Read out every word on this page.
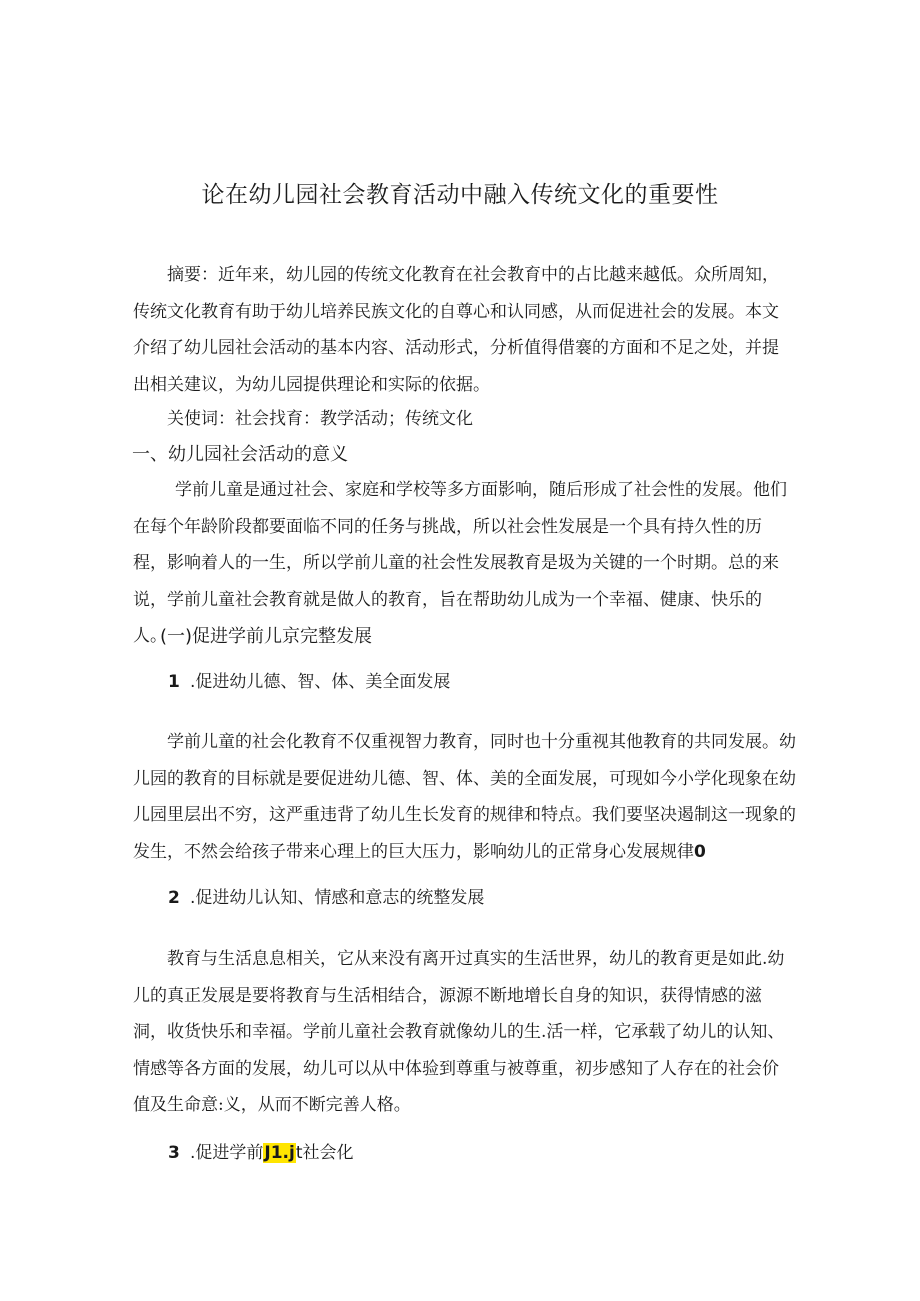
论在幼儿园社会教育活动中融入传统文化的重要性
摘要：近年来，幼儿园的传统文化教育在社会教育中的占比越来越低。众所周知，传统文化教育有助于幼儿培养民族文化的自尊心和认同感，从而促进社会的发展。本文介绍了幼儿园社会活动的基本内容、活动形式，分析值得借褰的方面和不足之处，并提出相关建议，为幼儿园提供理论和实际的依据。
关使词：社会找育：教学活动；传统文化
一、幼儿园社会活动的意义
学前儿童是通过社会、家庭和学校等多方面影响，随后形成了社会性的发展。他们在每个年龄阶段都要面临不同的任务与挑战，所以社会性发展是一个具有持久性的历程，影响着人的一生，所以学前儿童的社会性发展教育是圾为关键的一个时期。总的来说，学前儿童社会教育就是做人的教育，旨在帮助幼儿成为一个幸福、健康、快乐的人。
(一)促进学前儿京完整发展
1 .促进幼儿德、智、体、美全面发展
学前儿童的社会化教育不仅重视智力教育，同时也十分重视其他教育的共同发展。幼
儿园的教育的目标就是要促进幼儿德、智、体、美的全面发展，可现如今小学化现象在幼
儿园里层出不穷，这严重违背了幼儿生长发育的规律和特点。我们要坚决遏制这一现象的
发生，不然会给孩子带来心理上的巨大压力，影响幼儿的正常身心发展规律0
2 .促进幼儿认知、情感和意志的统整发展
教育与生活息息相关，它从来没有离开过真实的生活世界，幼儿的教育更是如此.幼儿的真正发展是要将教育与生活相结合，源源不断地增长自身的知识，获得情感的滋洞，收货快乐和幸福。学前儿童社会教育就像幼儿的生.活一样，它承载了幼儿的认知、情感等各方面的发展，幼儿可以从中体验到尊重与被尊重，初步感知了人存在的社会价值及生命意:义，从而不断完善人格。
3 .促进学前J1.jt社会化
